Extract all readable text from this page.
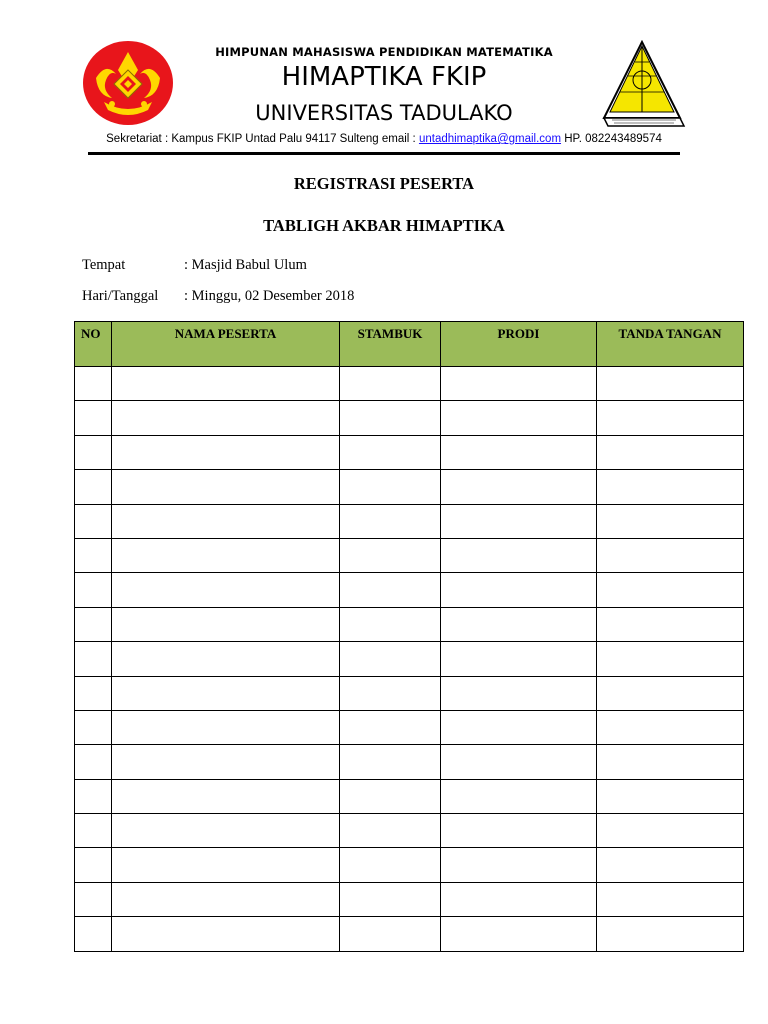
HIMPUNAN MAHASISWA PENDIDIKAN MATEMATIKA
HIMAPTIKA FKIP
UNIVERSITAS TADULAKO
Sekretariat : Kampus FKIP Untad Palu 94117 Sulteng email : untadhimaptika@gmail.com HP. 082243489574
REGISTRASI PESERTA
TABLIGH AKBAR HIMAPTIKA
Tempat	: Masjid Babul Ulum
Hari/Tanggal : Minggu, 02 Desember 2018
NO	NAMA PESERTA	STAMBUK	PRODI	TANDA TANGAN
